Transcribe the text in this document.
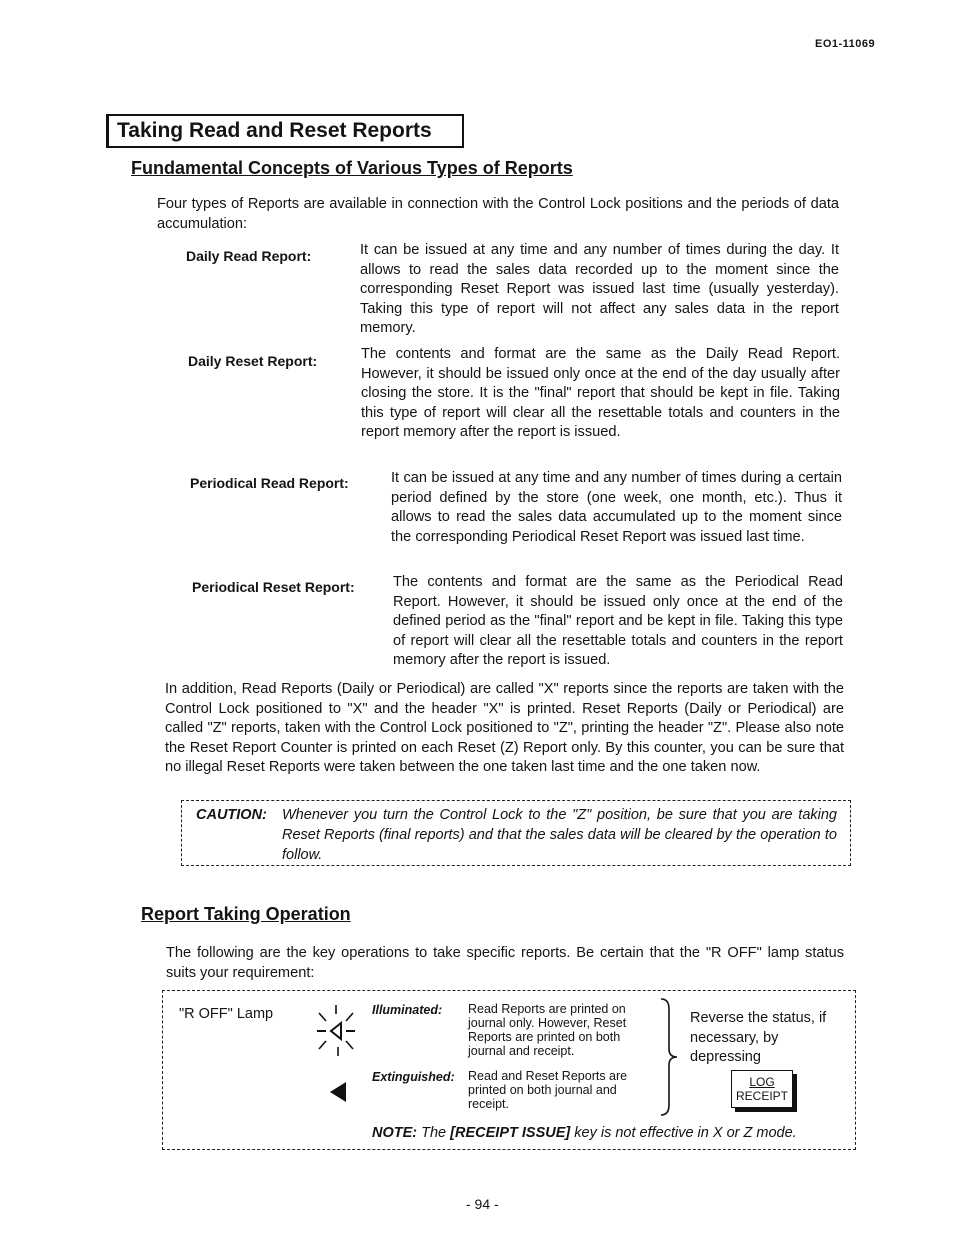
EO1-11069
Taking Read and Reset Reports
Fundamental Concepts of Various Types of Reports
Four types of Reports are available in connection with the Control Lock positions and the periods of data accumulation:
Daily Read Report:	It can be issued at any time and any number of times during the day. It allows to read the sales data recorded up to the moment since the corresponding Reset Report was issued last time (usually yesterday). Taking this type of report will not affect any sales data in the report memory.
Daily Reset Report:	The contents and format are the same as the Daily Read Report. However, it should be issued only once at the end of the day usually after closing the store. It is the "final" report that should be kept in file. Taking this type of report will clear all the resettable totals and counters in the report memory after the report is issued.
Periodical Read Report:	It can be issued at any time and any number of times during a certain period defined by the store (one week, one month, etc.). Thus it allows to read the sales data accumulated up to the moment since the corresponding Periodical Reset Report was issued last time.
Periodical Reset Report:	The contents and format are the same as the Periodical Read Report. However, it should be issued only once at the end of the defined period as the "final" report and be kept in file. Taking this type of report will clear all the resettable totals and counters in the report memory after the report is issued.
In addition, Read Reports (Daily or Periodical) are called "X" reports since the reports are taken with the Control Lock positioned to "X" and the header "X" is printed. Reset Reports (Daily or Periodical) are called "Z" reports, taken with the Control Lock positioned to "Z", printing the header "Z". Please also note the Reset Report Counter is printed on each Reset (Z) Report only. By this counter, you can be sure that no illegal Reset Reports were taken between the one taken last time and the one taken now.
CAUTION: Whenever you turn the Control Lock to the "Z" position, be sure that you are taking Reset Reports (final reports) and that the sales data will be cleared by the operation to follow.
Report Taking Operation
The following are the key operations to take specific reports. Be certain that the "R OFF" lamp status suits your requirement:
"R OFF" Lamp	Illuminated: Read Reports are printed on journal only. However, Reset Reports are printed on both journal and receipt.
Extinguished: Read and Reset Reports are printed on both journal and receipt.
Reverse the status, if necessary, by depressing
LOG
RECEIPT
NOTE: The [RECEIPT ISSUE] key is not effective in X or Z mode.
- 94 -
